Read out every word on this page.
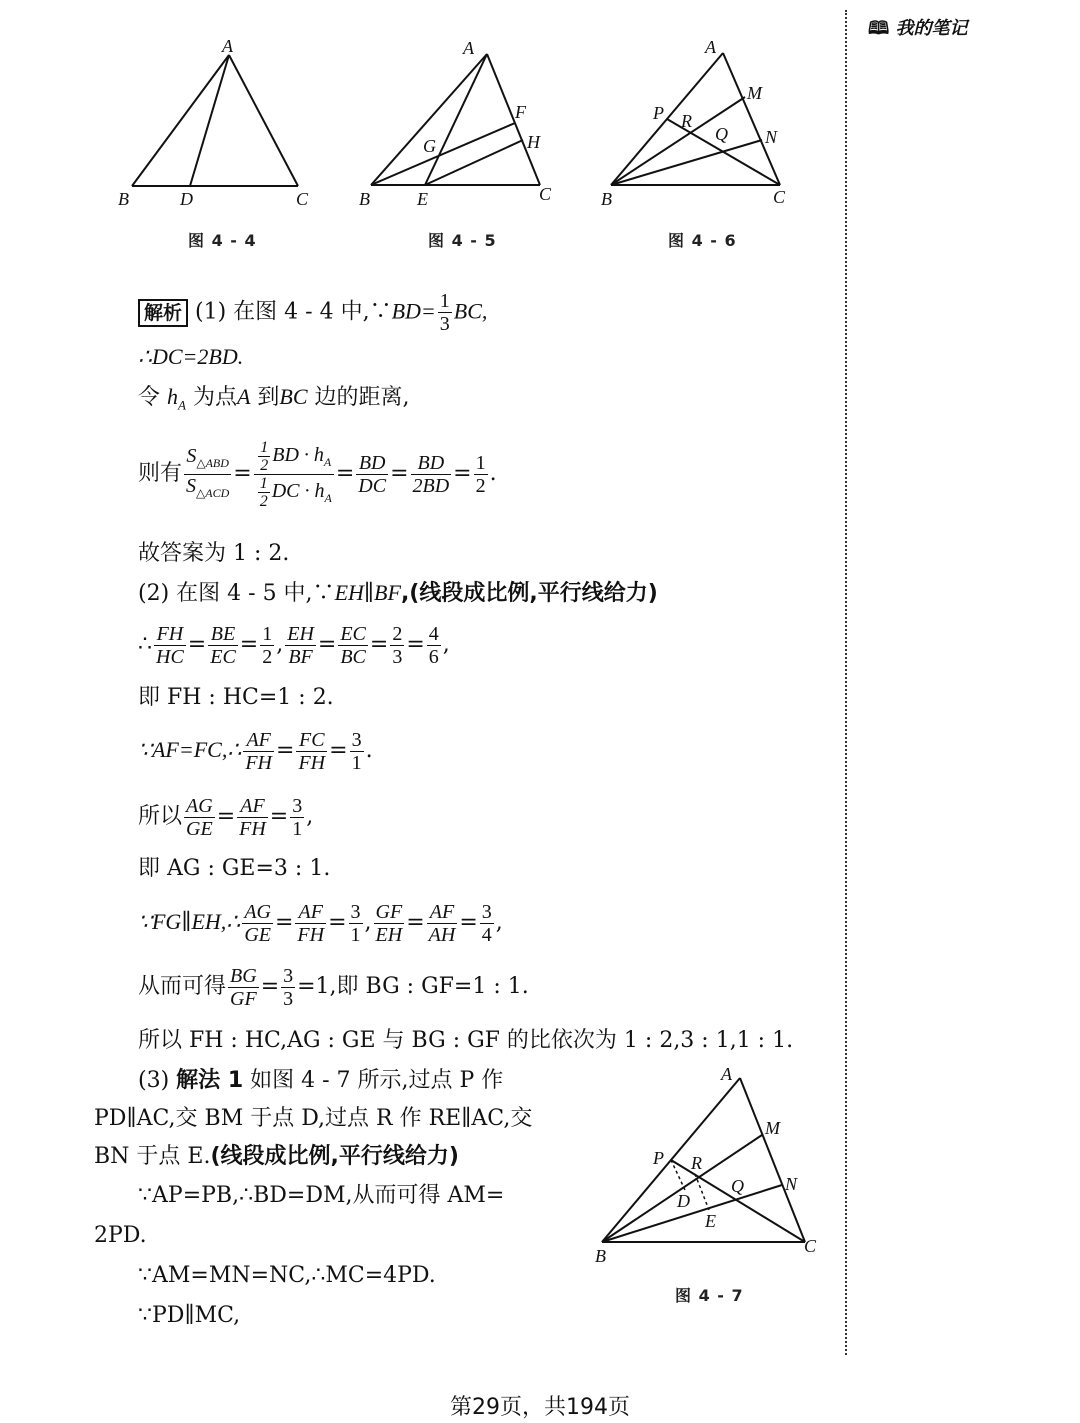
🕮 我的笔记
A
B	D	C
图 4 - 4
A
F
G	H
B	E	C
图 4 - 5
A
M
P R
Q N
B	C
图 4 - 6
解析 (1) 在图 4 - 4 中,∵BD= $\frac{1}{3}$ BC,
∴DC=2BD.
令 $h_A$ 为点A 到BC 边的距离,
则有 $\frac{S_{\triangle ABD}}{S_{\triangle ACD}} = \frac{\frac{1}{2} BD \cdot h_A}{\frac{1}{2} DC \cdot h_A} = \frac{BD}{DC} = \frac{BD}{2BD} = \frac{1}{2}$ .
故答案为 1 : 2.
(2) 在图 4 - 5 中,∵EH∥BF,(线段成比例,平行线给力)
∴ $\frac{FH}{HC} = \frac{BE}{EC} = \frac{1}{2}$ , $\frac{EH}{BF} = \frac{EC}{BC} = \frac{2}{3} = \frac{4}{6}$ ,
即 FH : HC=1 : 2.
∵AF=FC,∴ $\frac{AF}{FH} = \frac{FC}{FH} = \frac{3}{1}$ .
所以 $\frac{AG}{GE} = \frac{AF}{FH} = \frac{3}{1}$ ,
即 AG : GE=3 : 1.
∵FG∥EH,∴ $\frac{AG}{GE} = \frac{AF}{FH} = \frac{3}{1}$ , $\frac{GF}{EH} = \frac{AF}{AH} = \frac{3}{4}$ ,
从而可得 $\frac{BG}{GF} = \frac{3}{3} =1$,即 BG : GF=1 : 1.
所以 FH : HC,AG : GE 与 BG : GF 的比依次为 1 : 2,3 : 1,1 : 1.
(3) 解法 1 如图 4 - 7 所示,过点 P 作
PD∥AC,交 BM 于点 D,过点 R 作 RE∥AC,交
BN 于点 E.(线段成比例,平行线给力)
∵AP=PB,∴BD=DM,从而可得 AM=
2PD.
∵AM=MN=NC,∴MC=4PD.
∵PD∥MC,
A
M
P R
N
Q
D
E
B	C
图 4 - 7
第29页，共194页
